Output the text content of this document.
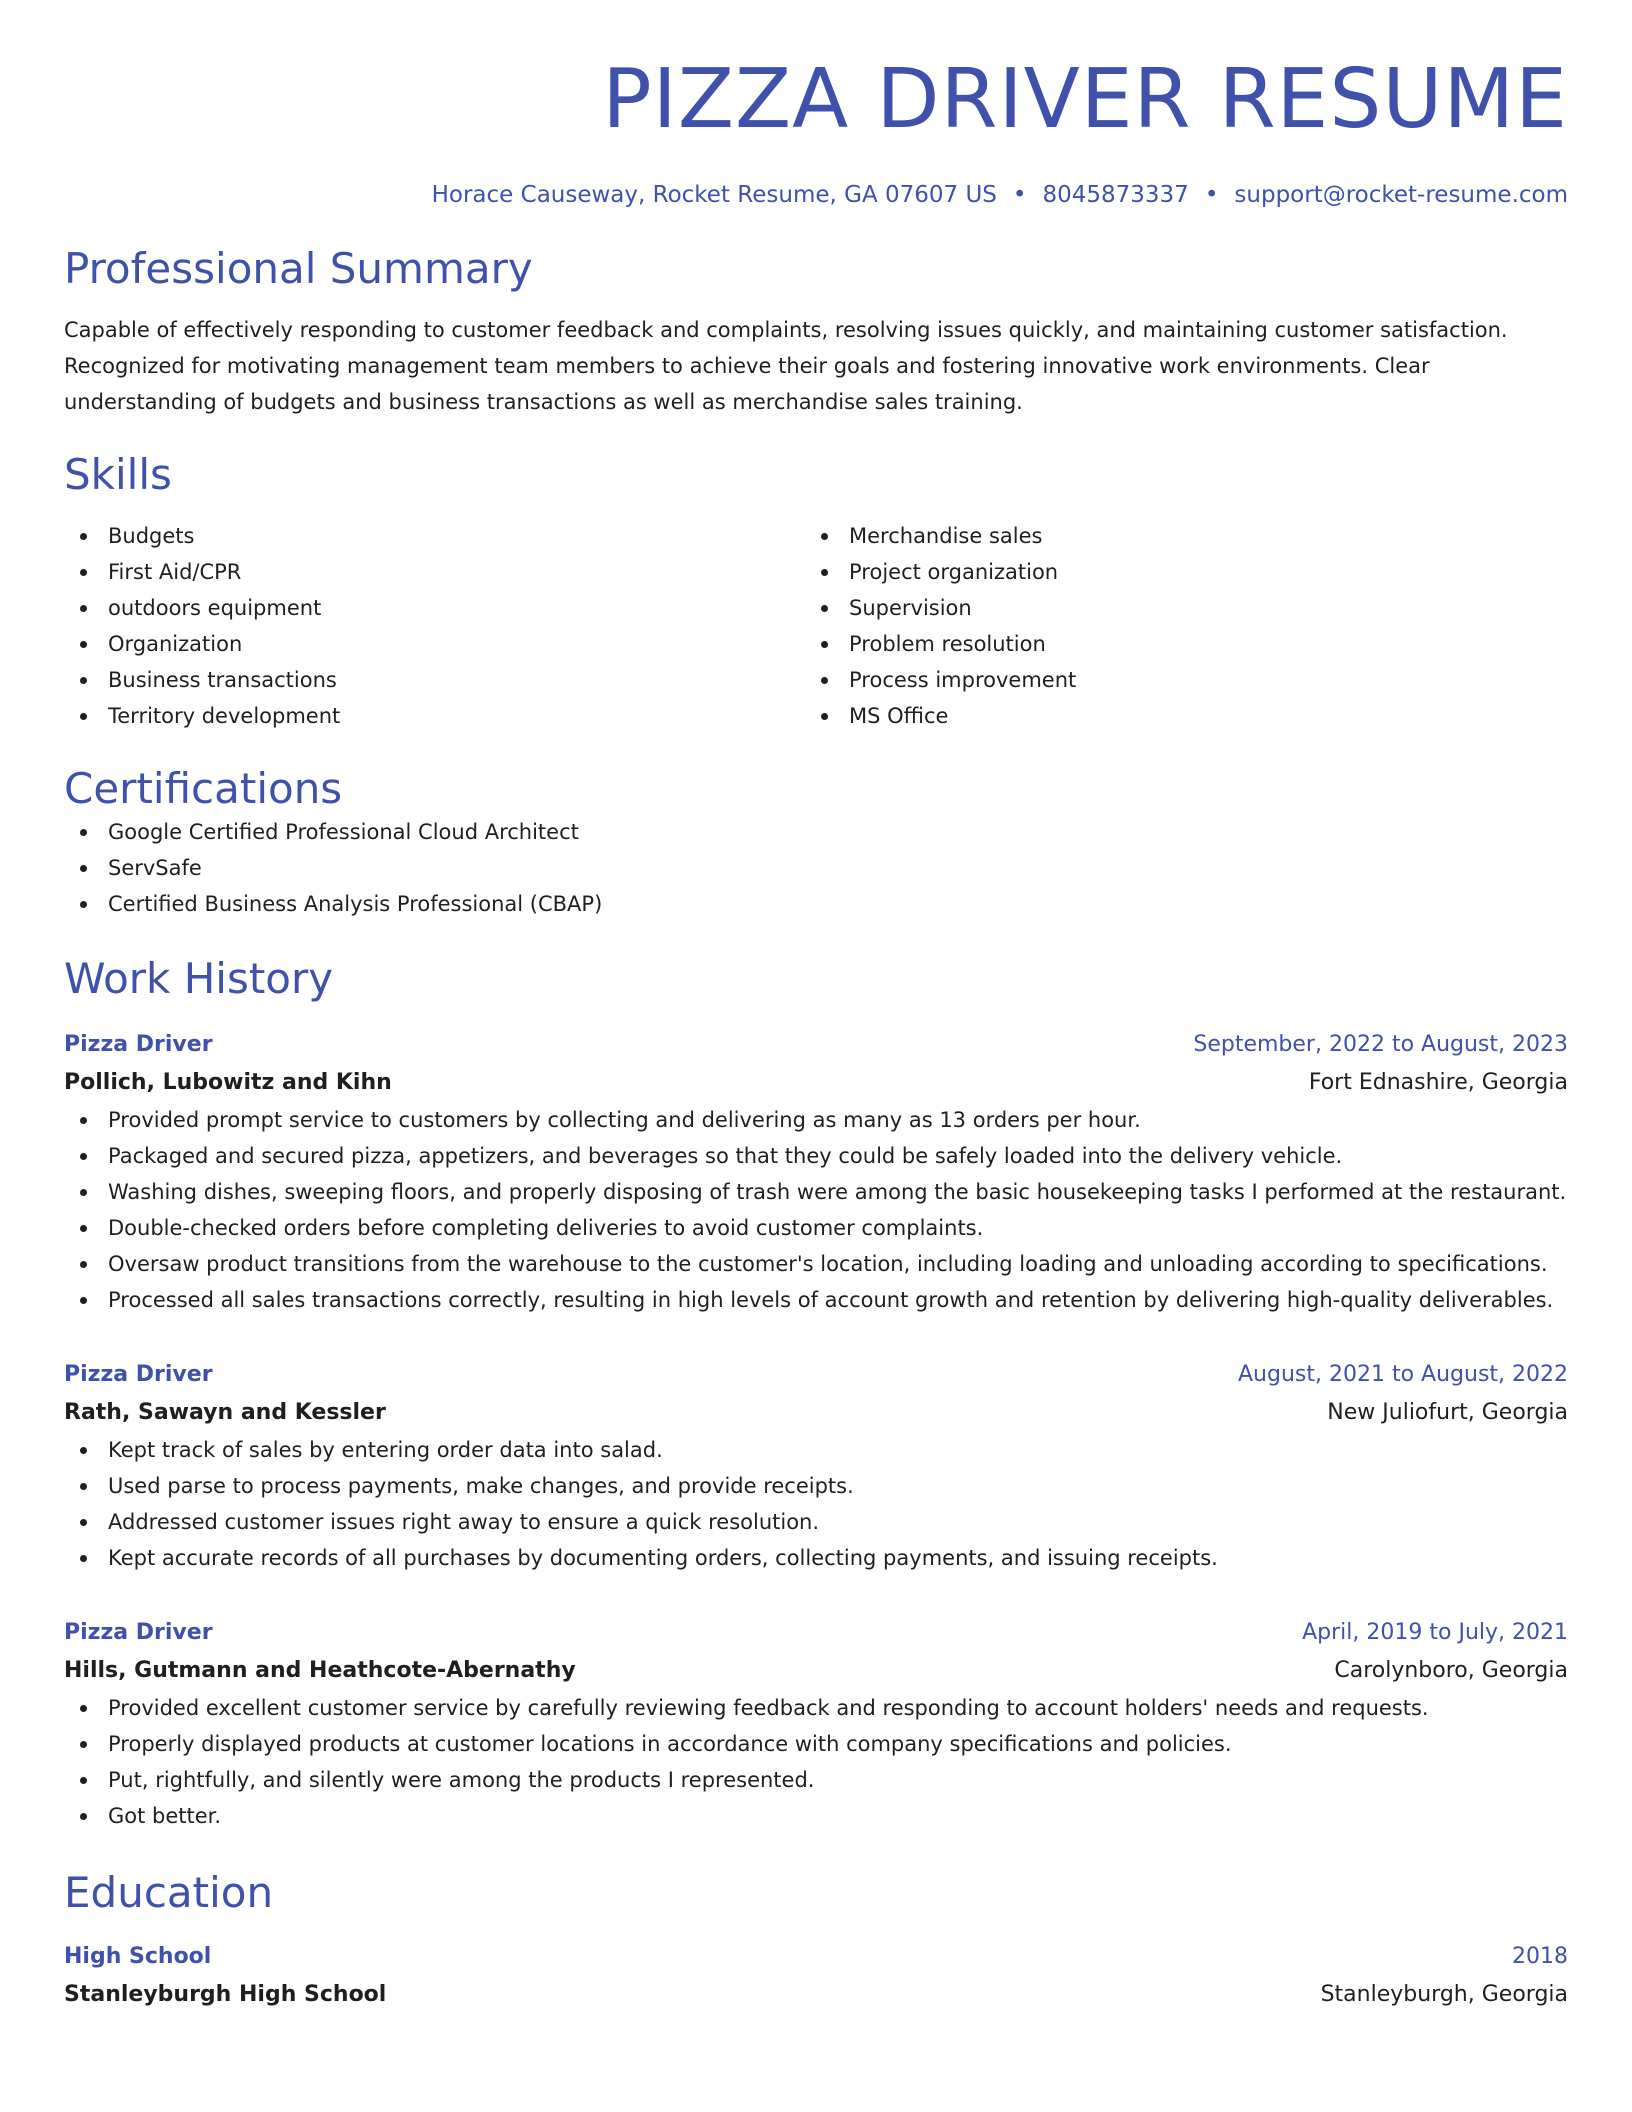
PIZZA DRIVER RESUME
Horace Causeway, Rocket Resume, GA 07607 US • 8045873337 • support@rocket-resume.com
Professional Summary
Capable of effectively responding to customer feedback and complaints, resolving issues quickly, and maintaining customer satisfaction. Recognized for motivating management team members to achieve their goals and fostering innovative work environments. Clear understanding of budgets and business transactions as well as merchandise sales training.
Skills
Budgets
First Aid/CPR
outdoors equipment
Organization
Business transactions
Territory development
Merchandise sales
Project organization
Supervision
Problem resolution
Process improvement
MS Office
Certifications
Google Certified Professional Cloud Architect
ServSafe
Certified Business Analysis Professional (CBAP)
Work History
Pizza Driver	September, 2022 to August, 2023
Pollich, Lubowitz and Kihn	Fort Ednashire, Georgia
Provided prompt service to customers by collecting and delivering as many as 13 orders per hour.
Packaged and secured pizza, appetizers, and beverages so that they could be safely loaded into the delivery vehicle.
Washing dishes, sweeping floors, and properly disposing of trash were among the basic housekeeping tasks I performed at the restaurant.
Double-checked orders before completing deliveries to avoid customer complaints.
Oversaw product transitions from the warehouse to the customer's location, including loading and unloading according to specifications.
Processed all sales transactions correctly, resulting in high levels of account growth and retention by delivering high-quality deliverables.
Pizza Driver	August, 2021 to August, 2022
Rath, Sawayn and Kessler	New Juliofurt, Georgia
Kept track of sales by entering order data into salad.
Used parse to process payments, make changes, and provide receipts.
Addressed customer issues right away to ensure a quick resolution.
Kept accurate records of all purchases by documenting orders, collecting payments, and issuing receipts.
Pizza Driver	April, 2019 to July, 2021
Hills, Gutmann and Heathcote-Abernathy	Carolynboro, Georgia
Provided excellent customer service by carefully reviewing feedback and responding to account holders' needs and requests.
Properly displayed products at customer locations in accordance with company specifications and policies.
Put, rightfully, and silently were among the products I represented.
Got better.
Education
High School	2018
Stanleyburgh High School	Stanleyburgh, Georgia
